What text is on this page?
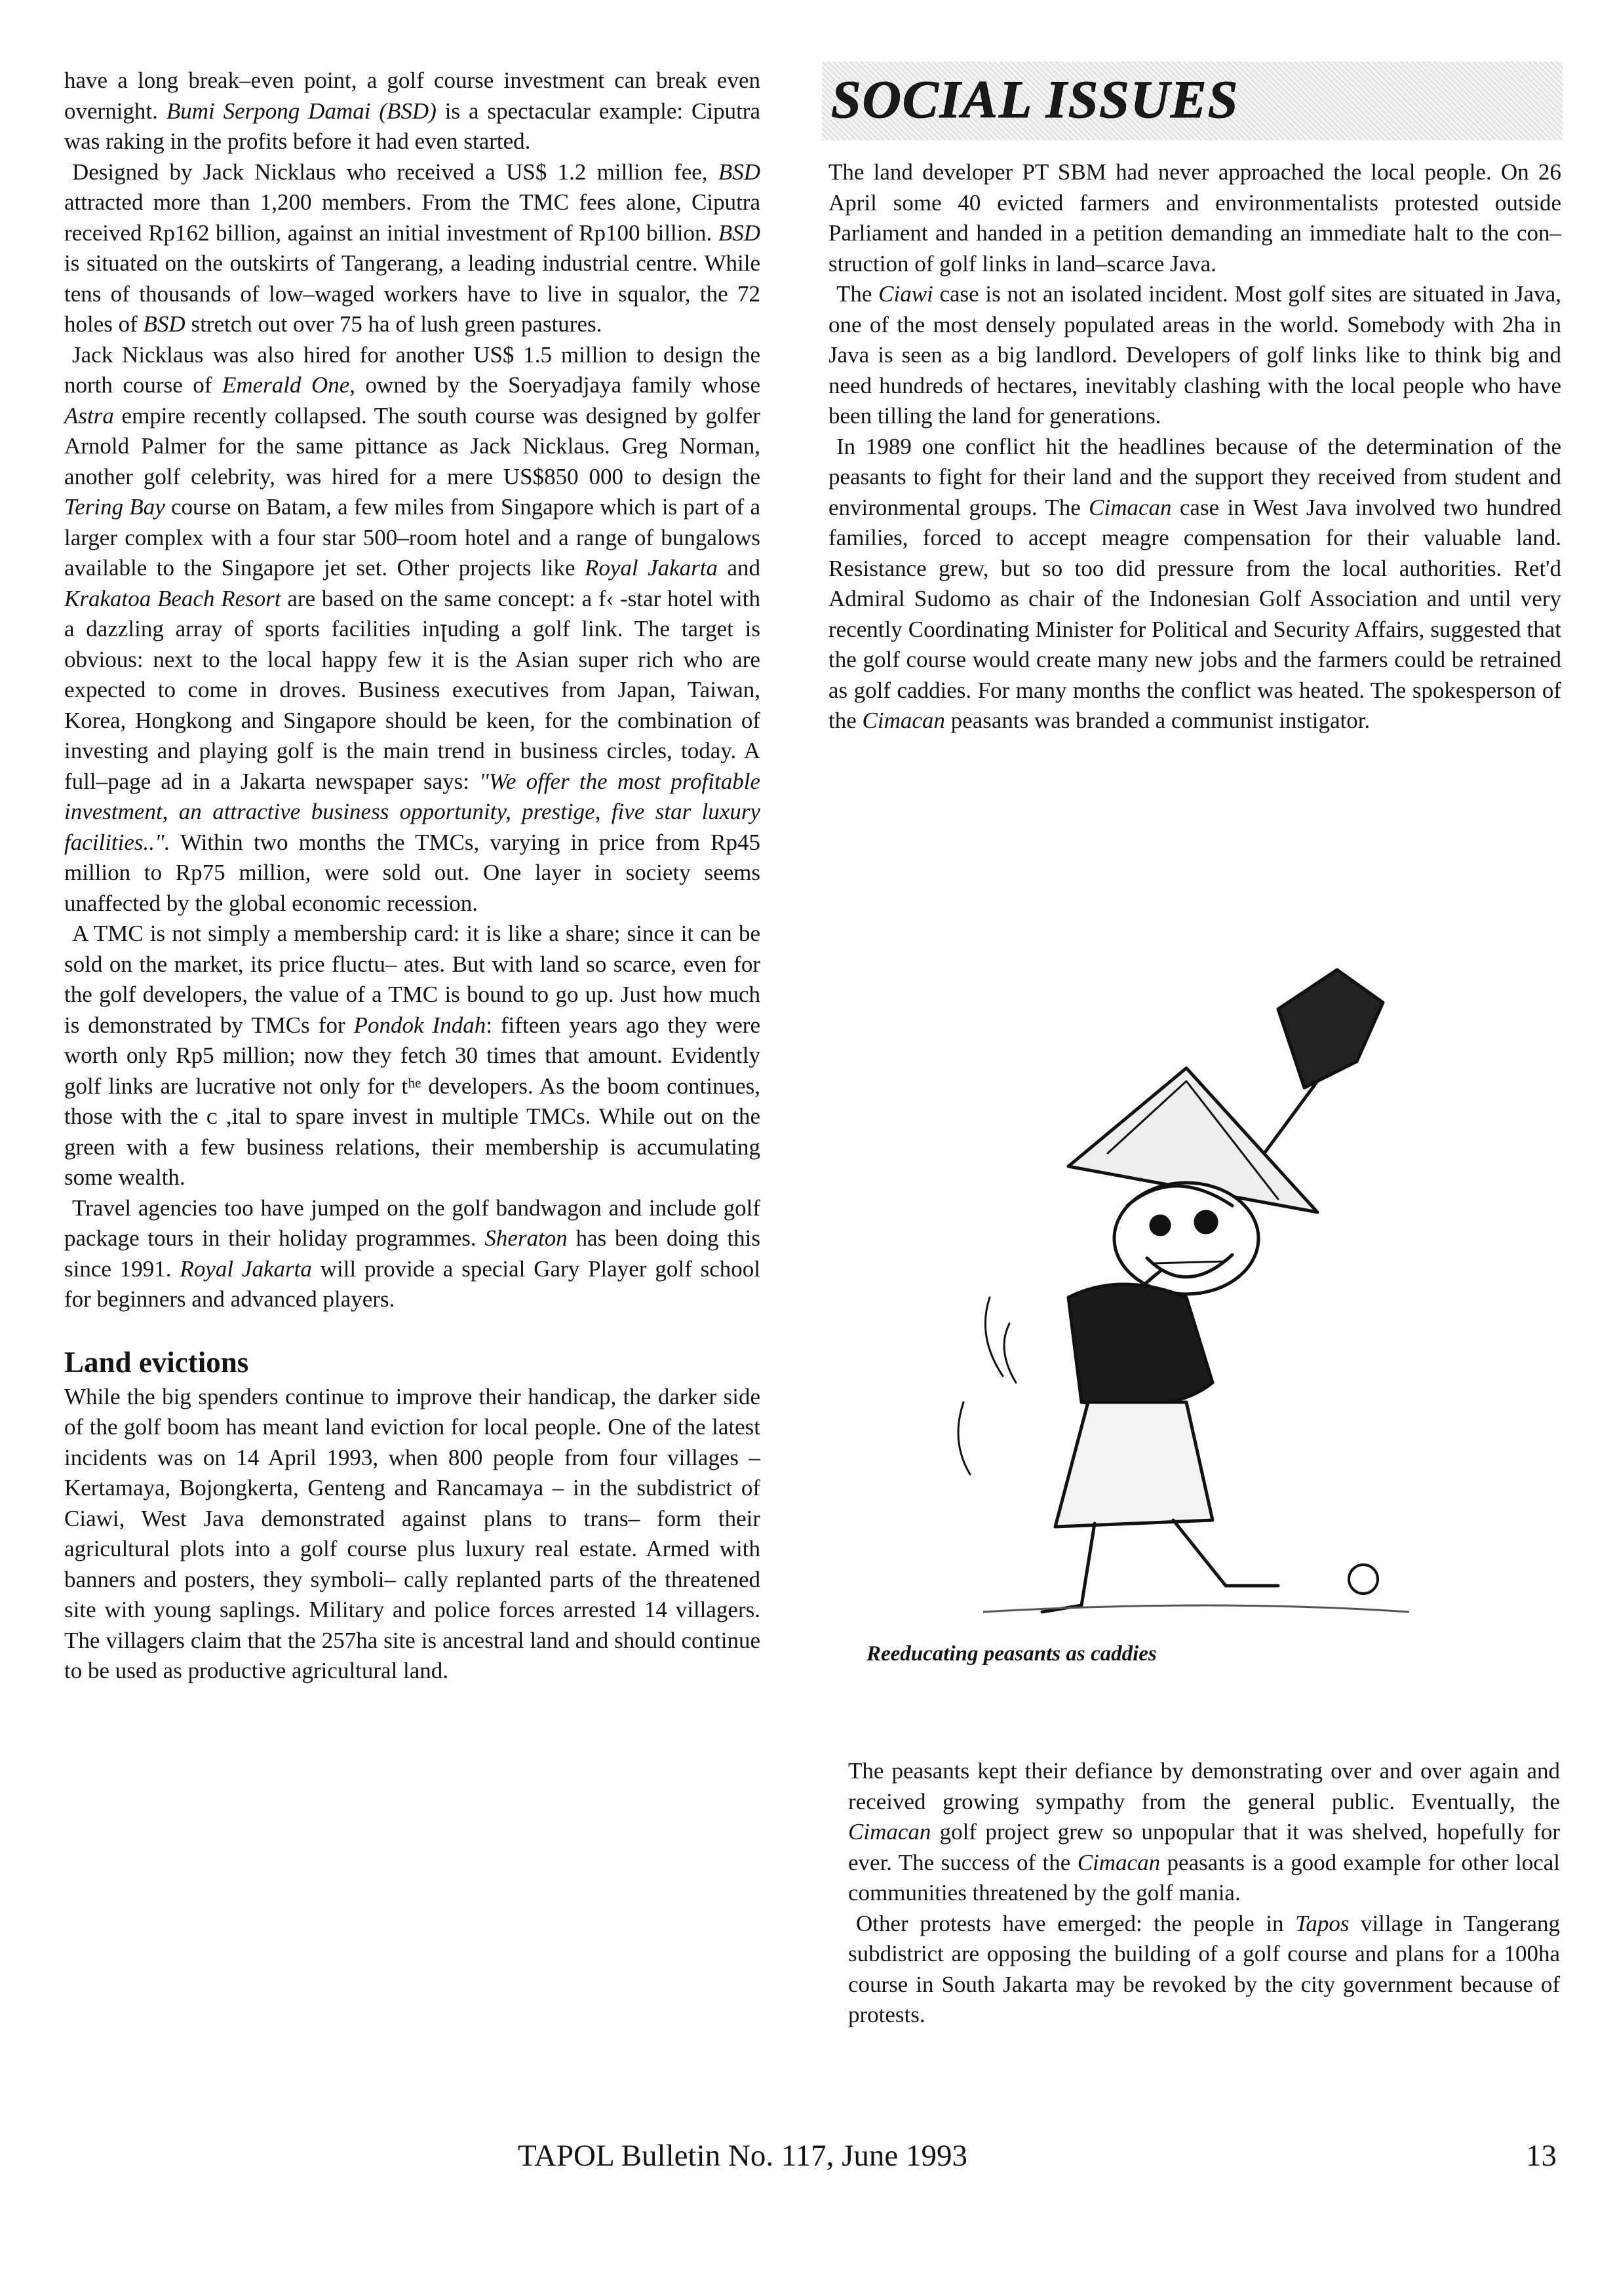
have a long break–even point, a golf course investment can break even overnight. Bumi Serpong Damai (BSD) is a spectacular example: Ciputra was raking in the profits before it had even started.

Designed by Jack Nicklaus who received a US$ 1.2 million fee, BSD attracted more than 1,200 members. From the TMC fees alone, Ciputra received Rp162 billion, against an initial investment of Rp100 billion. BSD is situated on the outskirts of Tangerang, a leading industrial centre. While tens of thousands of low–waged workers have to live in squalor, the 72 holes of BSD stretch out over 75 ha of lush green pastures.

Jack Nicklaus was also hired for another US$ 1.5 million to design the north course of Emerald One, owned by the Soeryadjaya family whose Astra empire recently collapsed. The south course was designed by golfer Arnold Palmer for the same pittance as Jack Nicklaus. Greg Norman, another golf celebrity, was hired for a mere US$850 000 to design the Tering Bay course on Batam, a few miles from Singapore which is part of a larger complex with a four star 500–room hotel and a range of bungalows available to the Singapore jet set. Other projects like Royal Jakarta and Krakatoa Beach Resort are based on the same concept: a f‹ -star hotel with a dazzling array of sports facilities inꞁuding a golf link. The target is obvious: next to the local happy few it is the Asian super rich who are expected to come in droves. Business executives from Japan, Taiwan, Korea, Hongkong and Singapore should be keen, for the combination of investing and playing golf is the main trend in business circles, today. A full–page ad in a Jakarta newspaper says: "We offer the most profitable investment, an attractive business opportunity, prestige, five star luxury facilities..". Within two months the TMCs, varying in price from Rp45 million to Rp75 million, were sold out. One layer in society seems unaffected by the global economic recession.

A TMC is not simply a membership card: it is like a share; since it can be sold on the market, its price fluctu– ates. But with land so scarce, even for the golf developers, the value of a TMC is bound to go up. Just how much is demonstrated by TMCs for Pondok Indah: fifteen years ago they were worth only Rp5 million; now they fetch 30 times that amount. Evidently golf links are lucrative not only for tʰᵉ developers. As the boom continues, those with the ᴄ ,ital to spare invest in multiple TMCs. While out on the green with a few business relations, their membership is accumulating some wealth.

Travel agencies too have jumped on the golf bandwagon and include golf package tours in their holiday programmes. Sheraton has been doing this since 1991. Royal Jakarta will provide a special Gary Player golf school for beginners and advanced players.

Land evictions

While the big spenders continue to improve their handicap, the darker side of the golf boom has meant land eviction for local people. One of the latest incidents was on 14 April 1993, when 800 people from four villages – Kertamaya, Bojongkerta, Genteng and Rancamaya – in the subdistrict of Ciawi, West Java demonstrated against plans to trans– form their agricultural plots into a golf course plus luxury real estate. Armed with banners and posters, they symboli– cally replanted parts of the threatened site with young saplings. Military and police forces arrested 14 villagers. The villagers claim that the 257ha site is ancestral land and should continue to be used as productive agricultural land.

SOCIAL ISSUES

The land developer PT SBM had never approached the local people. On 26 April some 40 evicted farmers and environmentalists protested outside Parliament and handed in a petition demanding an immediate halt to the con– struction of golf links in land–scarce Java.

The Ciawi case is not an isolated incident. Most golf sites are situated in Java, one of the most densely populated areas in the world. Somebody with 2ha in Java is seen as a big landlord. Developers of golf links like to think big and need hundreds of hectares, inevitably clashing with the local people who have been tilling the land for generations.

In 1989 one conflict hit the headlines because of the determination of the peasants to fight for their land and the support they received from student and environmental groups. The Cimacan case in West Java involved two hundred families, forced to accept meagre compensation for their valuable land. Resistance grew, but so too did pressure from the local authorities. Ret'd Admiral Sudomo as chair of the Indonesian Golf Association and until very recently Coordinating Minister for Political and Security Affairs, suggested that the golf course would create many new jobs and the farmers could be retrained as golf caddies. For many months the conflict was heated. The spokesperson of the Cimacan peasants was branded a communist instigator.

Reeducating peasants as caddies

The peasants kept their defiance by demonstrating over and over again and received growing sympathy from the general public. Eventually, the Cimacan golf project grew so unpopular that it was shelved, hopefully for ever. The success of the Cimacan peasants is a good example for other local communities threatened by the golf mania.

Other protests have emerged: the people in Tapos village in Tangerang subdistrict are opposing the building of a golf course and plans for a 100ha course in South Jakarta may be revoked by the city government because of protests.

TAPOL Bulletin No. 117, June 1993	13
